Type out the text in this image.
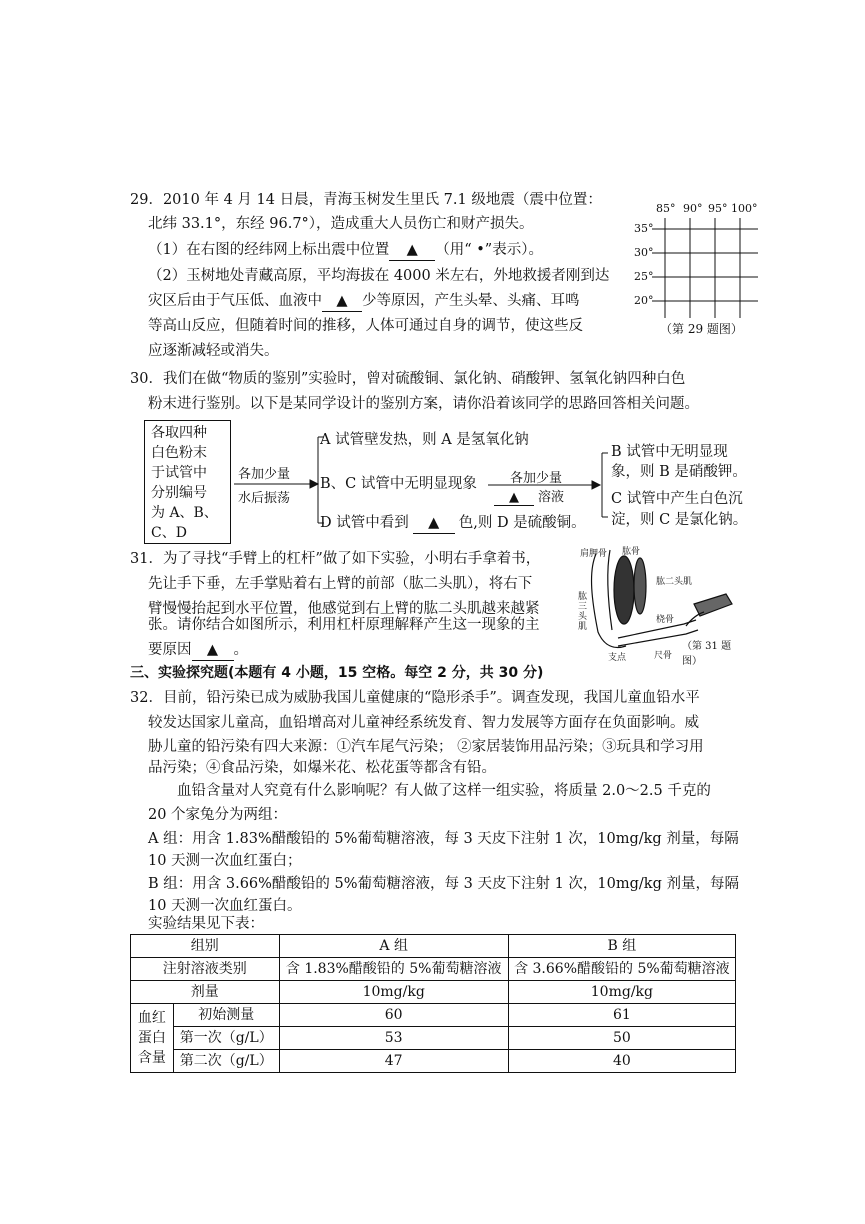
29．2010 年 4 月 14 日晨，青海玉树发生里氏 7.1 级地震（震中位置：
北纬 33.1°，东经 96.7°），造成重大人员伤亡和财产损失。
（1）在右图的经纬网上标出震中位置 ▲ （用“ •”表示）。
（2）玉树地处青藏高原，平均海拔在 4000 米左右，外地救援者刚到达
灾区后由于气压低、血液中 ▲ 少等原因，产生头晕、头痛、耳鸣
等高山反应，但随着时间的推移，人体可通过自身的调节，使这些反
应逐渐减轻或消失。
85° 90° 95° 100°
35°
30°
25°
20°
（第 29 题图）
30．我们在做“物质的鉴别”实验时，曾对硫酸铜、氯化钠、硝酸钾、氢氧化钠四种白色
粉末进行鉴别。以下是某同学设计的鉴别方案，请你沿着该同学的思路回答相关问题。
各取四种
白色粉末
于试管中
分别编号
为 A、B、
C、D
各加少量
水后振荡
A 试管壁发热，则 A 是氢氧化钠
B、C 试管中无明显现象
D 试管中看到 ▲ 色,则 D 是硫酸铜。
各加少量
▲ 溶液
B 试管中无明显现
象，则 B 是硝酸钾。
C 试管中产生白色沉
淀，则 C 是氯化钠。
31．为了寻找“手臂上的杠杆”做了如下实验，小明右手拿着书，
先让手下垂，左手掌贴着右上臂的前部（肱二头肌），将右下
臂慢慢抬起到水平位置，他感觉到右上臂的肱二头肌越来越紧
张。请你结合如图所示，利用杠杆原理解释产生这一现象的主
要原因 ▲ 。
肩胛骨 肱骨
肱二头肌
肱三头肌
桡骨
尺骨
支点
（第 31 题图）
三、实验探究题(本题有 4 小题，15 空格。每空 2 分，共 30 分)
32．目前，铅污染已成为威胁我国儿童健康的“隐形杀手”。调查发现，我国儿童血铅水平
较发达国家儿童高，血铅增高对儿童神经系统发育、智力发展等方面存在负面影响。威
胁儿童的铅污染有四大来源：①汽车尾气污染； ②家居装饰用品污染；③玩具和学习用
品污染；④食品污染，如爆米花、松花蛋等都含有铅。
血铅含量对人究竟有什么影响呢？有人做了这样一组实验，将质量 2.0～2.5 千克的
20 个家兔分为两组：
A 组：用含 1.83%醋酸铅的 5%葡萄糖溶液，每 3 天皮下注射 1 次，10mg/kg 剂量，每隔
10 天测一次血红蛋白；
B 组：用含 3.66%醋酸铅的 5%葡萄糖溶液，每 3 天皮下注射 1 次，10mg/kg 剂量，每隔
10 天测一次血红蛋白。
实验结果见下表：
组别		A 组	B 组
注射溶液类别		含 1.83%醋酸铅的 5%葡萄糖溶液	含 3.66%醋酸铅的 5%葡萄糖溶液
剂量		10mg/kg	10mg/kg
血红蛋白含量	初始测量	60	61
	第一次（g/L）	53	50
	第二次（g/L）	47	40
